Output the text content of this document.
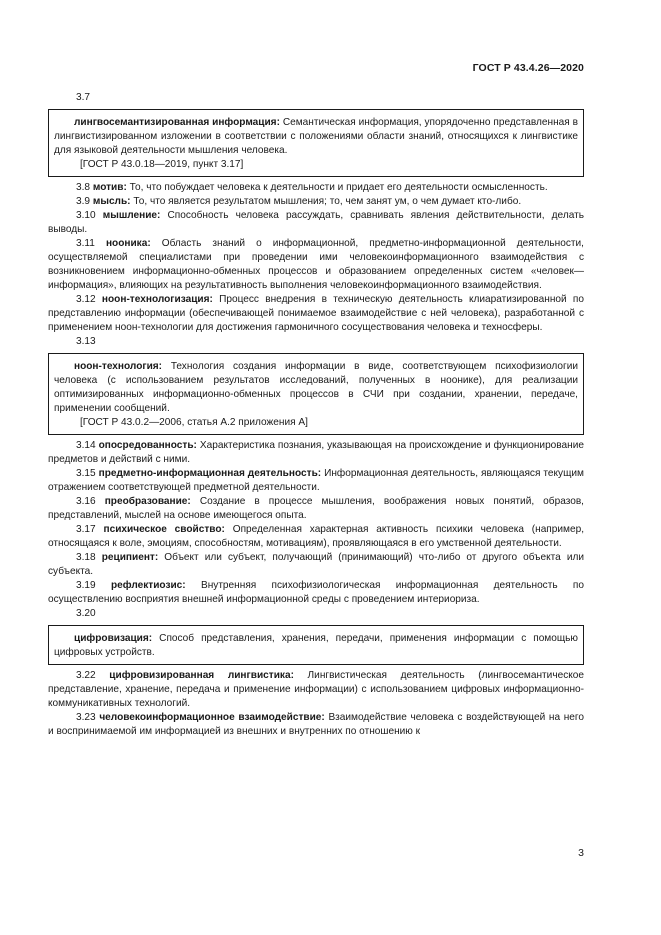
ГОСТ Р 43.4.26—2020

3.7

лингвосемантизированная информация: Семантическая информация, упорядоченно представленная в лингвистизированном изложении в соответствии с положениями области знаний, относящихся к лингвистике для языковой деятельности мышления человека.

[ГОСТ Р 43.0.18—2019, пункт 3.17]

3.8 мотив: То, что побуждает человека к деятельности и придает его деятельности осмысленность.

3.9 мысль: То, что является результатом мышления; то, чем занят ум, о чем думает кто-либо.

3.10 мышление: Способность человека рассуждать, сравнивать явления действительности, делать выводы.

3.11 нооника: Область знаний о информационной, предметно-информационной деятельности, осуществляемой специалистами при проведении ими человекоинформационного взаимодействия с возникновением информационно-обменных процессов и образованием определенных систем «человек—информация», влияющих на результативность выполнения человекоинформационного взаимодействия.

3.12 ноон-технологизация: Процесс внедрения в техническую деятельность клиаратизированной по представлению информации (обеспечивающей понимаемое взаимодействие с ней человека), разработанной с применением ноон-технологии для достижения гармоничного сосуществования человека и техносферы.

3.13

ноон-технология: Технология создания информации в виде, соответствующем психофизиологии человека (с использованием результатов исследований, полученных в ноонике), для реализации оптимизированных информационно-обменных процессов в СЧИ при создании, хранении, передаче, применении сообщений.

[ГОСТ Р 43.0.2—2006, статья А.2 приложения А]

3.14 опосредованность: Характеристика познания, указывающая на происхождение и функционирование предметов и действий с ними.

3.15 предметно-информационная деятельность: Информационная деятельность, являющаяся текущим отражением соответствующей предметной деятельности.

3.16 преобразование: Создание в процессе мышления, воображения новых понятий, образов, представлений, мыслей на основе имеющегося опыта.

3.17 психическое свойство: Определенная характерная активность психики человека (например, относящаяся к воле, эмоциям, способностям, мотивациям), проявляющаяся в его умственной деятельности.

3.18 реципиент: Объект или субъект, получающий (принимающий) что-либо от другого объекта или субъекта.

3.19 рефлектиозис: Внутренняя психофизиологическая информационная деятельность по осуществлению восприятия внешней информационной среды с проведением интериориза.

3.20

цифровизация: Способ представления, хранения, передачи, применения информации с помощью цифровых устройств.

3.22 цифровизированная лингвистика: Лингвистическая деятельность (лингвосемантическое представление, хранение, передача и применение информации) с использованием цифровых информационно-коммуникативных технологий.

3.23 человекоинформационное взаимодействие: Взаимодействие человека с воздействующей на него и воспринимаемой им информацией из внешних и внутренних по отношению к

3
